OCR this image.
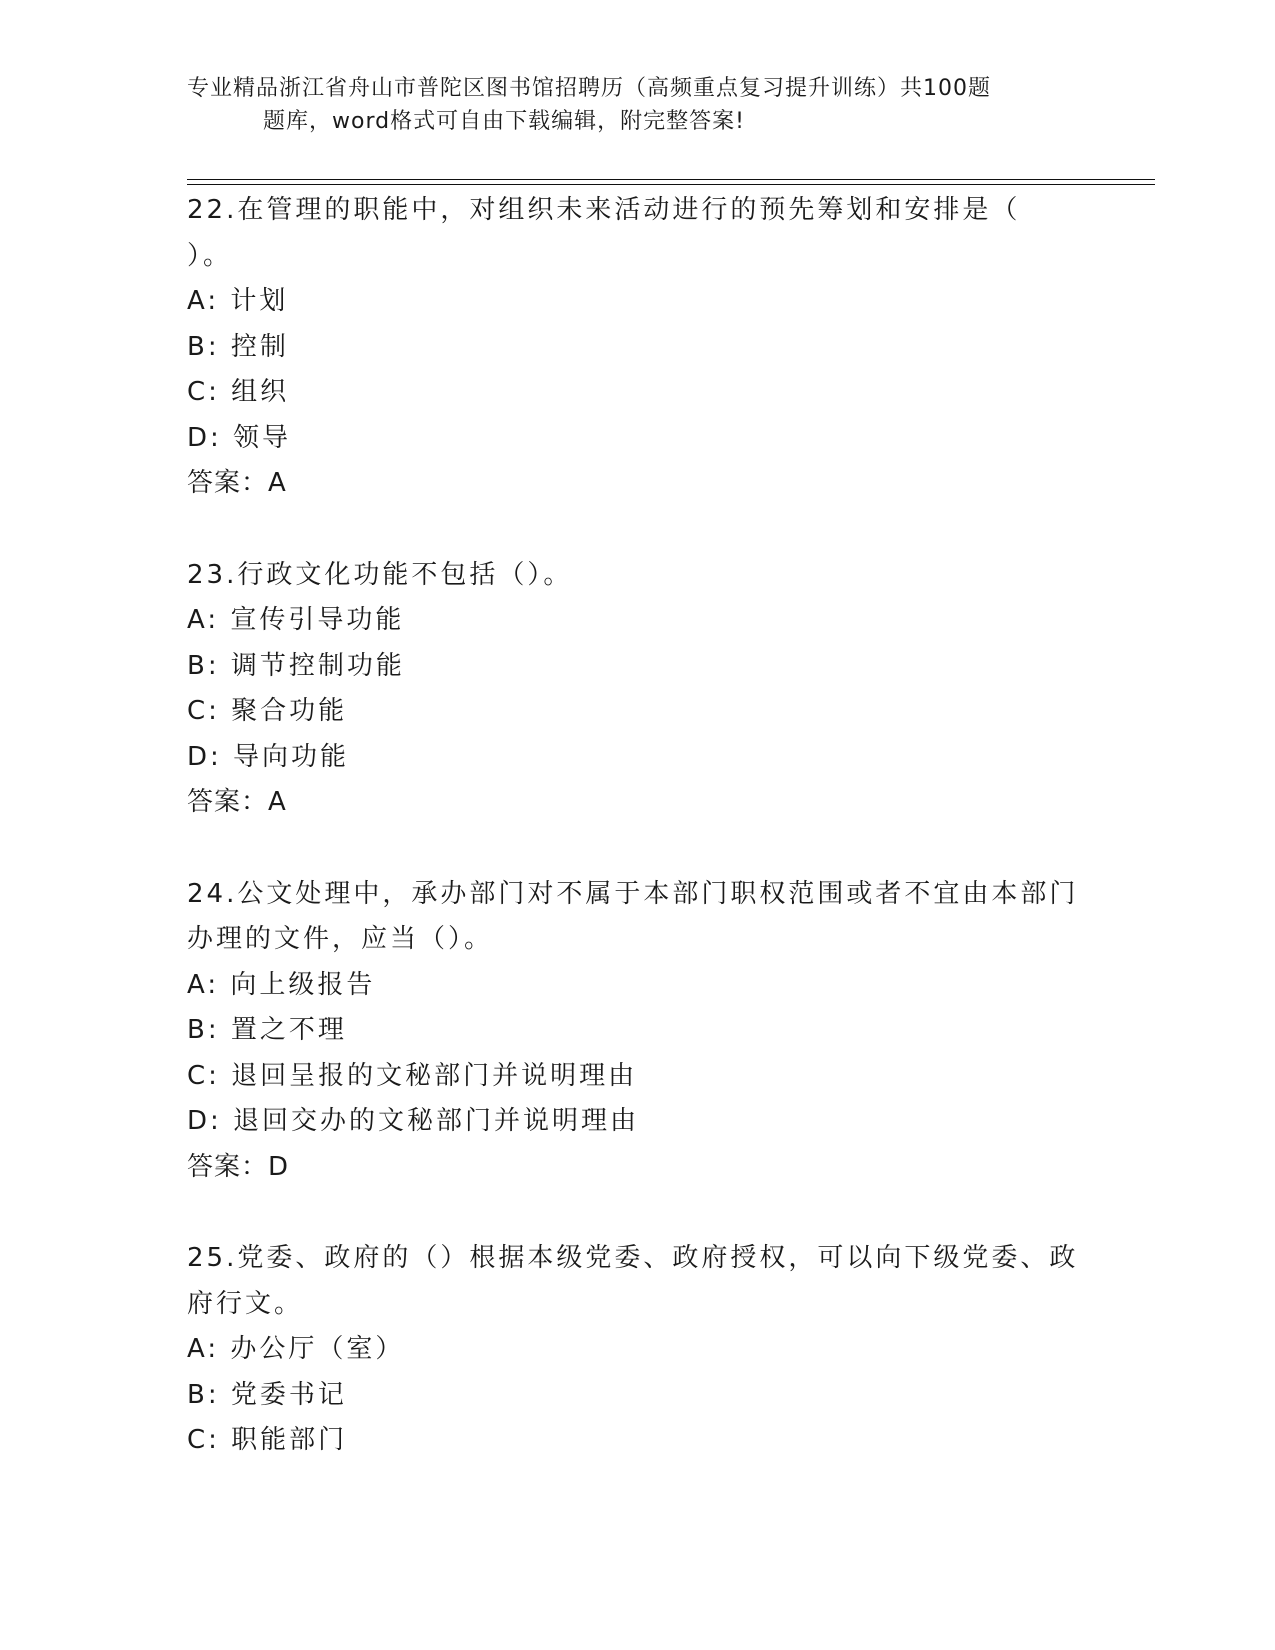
专业精品浙江省舟山市普陀区图书馆招聘历（高频重点复习提升训练）共100题
题库，word格式可自由下载编辑，附完整答案!
22.在管理的职能中，对组织未来活动进行的预先筹划和安排是（
）。
A: 计划
B: 控制
C: 组织
D: 领导
答案：A
23.行政文化功能不包括（）。
A: 宣传引导功能
B: 调节控制功能
C: 聚合功能
D: 导向功能
答案：A
24.公文处理中，承办部门对不属于本部门职权范围或者不宜由本部门
办理的文件，应当（）。
A: 向上级报告
B: 置之不理
C: 退回呈报的文秘部门并说明理由
D: 退回交办的文秘部门并说明理由
答案：D
25.党委、政府的（）根据本级党委、政府授权，可以向下级党委、政
府行文。
A: 办公厅（室）
B: 党委书记
C: 职能部门
